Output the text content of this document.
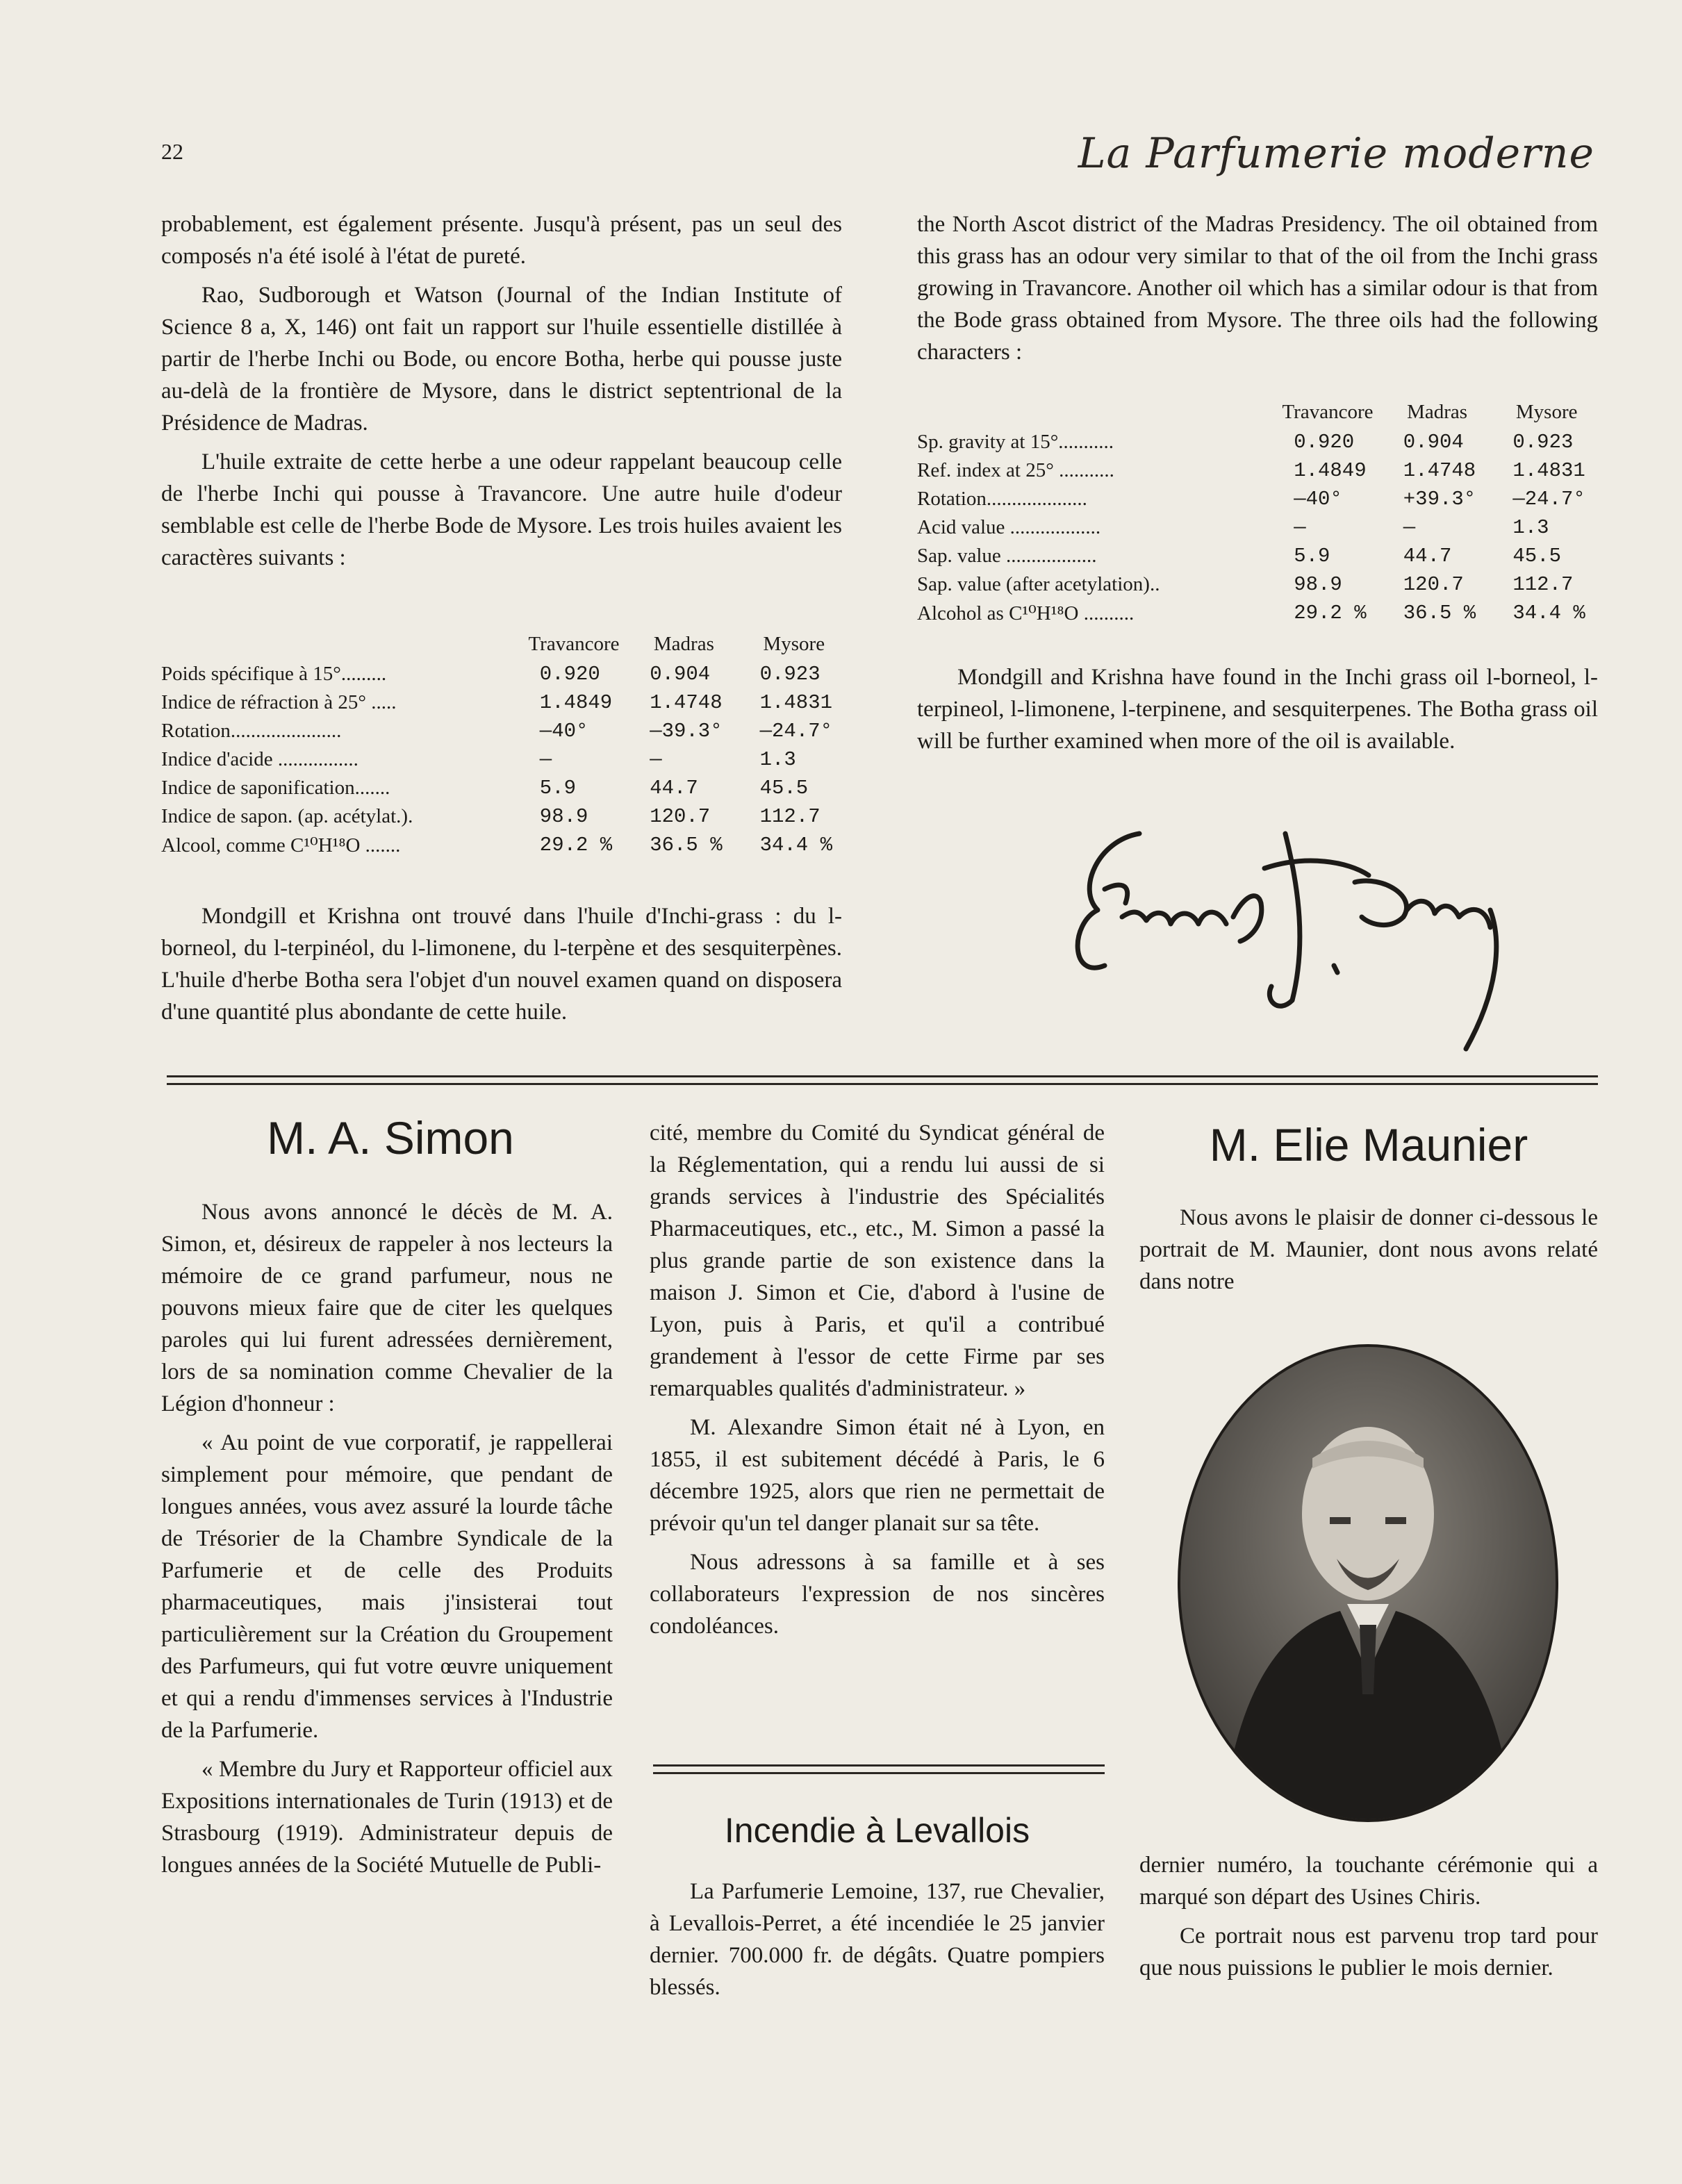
22	La Parfumerie moderne

probablement, est également présente. Jusqu'à présent, pas un seul des composés n'a été isolé à l'état de pureté.

Rao, Sudborough et Watson (Journal of the Indian Institute of Science 8 a, X, 146) ont fait un rapport sur l'huile essentielle distillée à partir de l'herbe Inchi ou Bode, ou encore Botha, herbe qui pousse juste au-delà de la frontière de Mysore, dans le district septentrional de la Présidence de Madras.

L'huile extraite de cette herbe a une odeur rappelant beaucoup celle de l'herbe Inchi qui pousse à Travancore. Une autre huile d'odeur semblable est celle de l'herbe Bode de Mysore. Les trois huiles avaient les caractères suivants :

	Travancore	Madras	Mysore
Poids spécifique à 15°.........	0.920	0.904	0.923
Indice de réfraction à 25° .....	1.4849	1.4748	1.4831
Rotation......................	—40°	—39.3°	—24.7°
Indice d'acide ................	—	—	1.3
Indice de saponification.......	5.9	44.7	45.5
Indice de sapon. (ap. acétylat.).	98.9	120.7	112.7
Alcool, comme C¹⁰H¹⁸O .......	29.2 %	36.5 %	34.4 %

Mondgill et Krishna ont trouvé dans l'huile d'Inchi-grass : du l-borneol, du l-terpinéol, du l-limonene, du l-terpène et des sesquiterpènes. L'huile d'herbe Botha sera l'objet d'un nouvel examen quand on disposera d'une quantité plus abondante de cette huile.

the North Ascot district of the Madras Presidency. The oil obtained from this grass has an odour very similar to that of the oil from the Inchi grass growing in Travancore. Another oil which has a similar odour is that from the Bode grass obtained from Mysore. The three oils had the following characters :

	Travancore	Madras	Mysore
Sp. gravity at 15°...........	0.920	0.904	0.923
Ref. index at 25° ...........	1.4849	1.4748	1.4831
Rotation....................	—40°	+39.3°	—24.7°
Acid value ..................	—	—	1.3
Sap. value ..................	5.9	44.7	45.5
Sap. value (after acetylation)..	98.9	120.7	112.7
Alcohol as C¹⁰H¹⁸O ..........	29.2 %	36.5 %	34.4 %

Mondgill and Krishna have found in the Inchi grass oil l-borneol, l-terpineol, l-limonene, l-terpinene, and sesquiterpenes. The Botha grass oil will be further examined when more of the oil is available.

M. A. Simon

Nous avons annoncé le décès de M. A. Simon, et, désireux de rappeler à nos lecteurs la mémoire de ce grand parfumeur, nous ne pouvons mieux faire que de citer les quelques paroles qui lui furent adressées dernièrement, lors de sa nomination comme Chevalier de la Légion d'honneur :

« Au point de vue corporatif, je rappellerai simplement pour mémoire, que pendant de longues années, vous avez assuré la lourde tâche de Trésorier de la Chambre Syndicale de la Parfumerie et de celle des Produits pharmaceutiques, mais j'insisterai tout particulièrement sur la Création du Groupement des Parfumeurs, qui fut votre œuvre uniquement et qui a rendu d'immenses services à l'Industrie de la Parfumerie.

« Membre du Jury et Rapporteur officiel aux Expositions internationales de Turin (1913) et de Strasbourg (1919). Administrateur depuis de longues années de la Société Mutuelle de Publi-

cité, membre du Comité du Syndicat général de la Réglementation, qui a rendu lui aussi de si grands services à l'industrie des Spécialités Pharmaceutiques, etc., etc., M. Simon a passé la plus grande partie de son existence dans la maison J. Simon et Cie, d'abord à l'usine de Lyon, puis à Paris, et qu'il a contribué grandement à l'essor de cette Firme par ses remarquables qualités d'administrateur. »

M. Alexandre Simon était né à Lyon, en 1855, il est subitement décédé à Paris, le 6 décembre 1925, alors que rien ne permettait de prévoir qu'un tel danger planait sur sa tête.

Nous adressons à sa famille et à ses collaborateurs l'expression de nos sincères condoléances.

Incendie à Levallois

La Parfumerie Lemoine, 137, rue Chevalier, à Levallois-Perret, a été incendiée le 25 janvier dernier. 700.000 fr. de dégâts. Quatre pompiers blessés.

M. Elie Maunier

Nous avons le plaisir de donner ci-dessous le portrait de M. Maunier, dont nous avons relaté dans notre

dernier numéro, la touchante cérémonie qui a marqué son départ des Usines Chiris.

Ce portrait nous est parvenu trop tard pour que nous puissions le publier le mois dernier.
